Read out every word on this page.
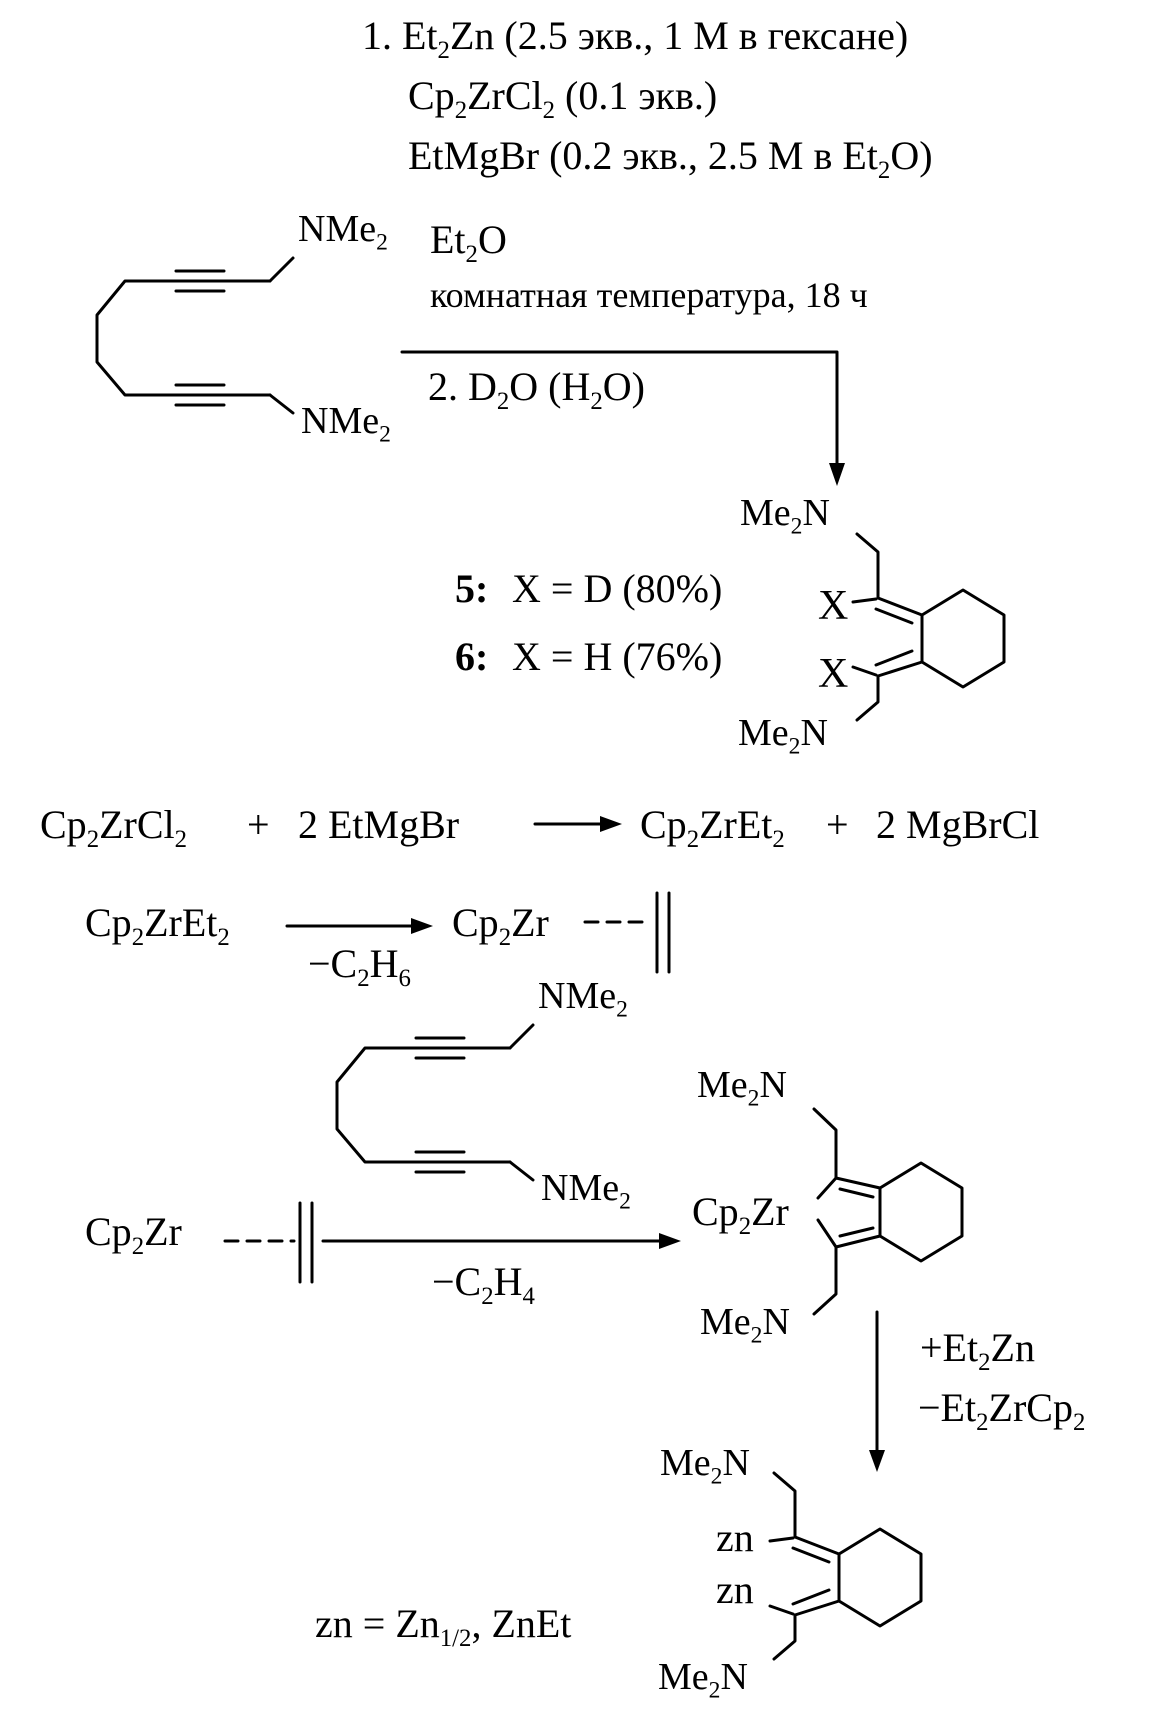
1. $Et_2Zn$ (2.5 экв., 1 M в гексане)
$Cp_2ZrCl_2$ (0.1 экв.)
EtMgBr (0.2 экв., 2.5 M в $Et_2O$)
$Et_2O$
комнатная температура, 18 ч
2. $D_2O$ $(H_2O)$
NMe$_2$
NMe$_2$
5: X = D (80%)
6: X = H (76%)
$Me_2N$
X
X
$Me_2N$
$Cp_2ZrCl_2 + 2$ EtMgBr	$Cp_2ZrEt_2 + 2$ MgBrCl
$Cp_2ZrEt_2$
$-C_2H_6$
$Cp_2Zr$
NMe$_2$
NMe$_2$
$Cp_2Zr$
$-C_2H_4$
$Me_2N$
$Cp_2Zr$
$Me_2N$
$+Et_2Zn$
$-Et_2ZrCp_2$
$Me_2N$
zn
zn
$Me_2N$
zn = $Zn_{1/2}$, ZnEt
